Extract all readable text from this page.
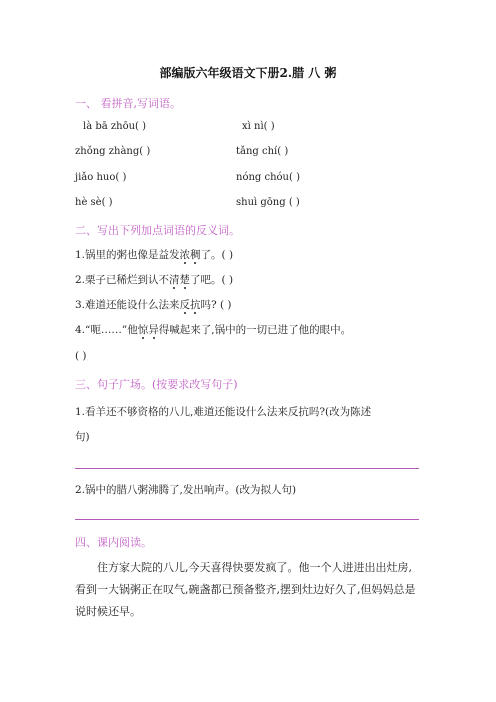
部编版六年级语文下册2.腊 八 粥
一、 看拼音,写词语。
là bā zhōu( )	xì nì( )
zhǒng zhàng( )	tǎng chí( )
jiǎo huo( )	nóng chóu( )
hè sè( )	shuì gōng ( )
二、写出下列加点词语的反义词。
1.锅里的粥也像是益发浓稠了。( )
2.栗子已稀烂到认不清楚了吧。( )
3.难道还能设什么法来反抗吗? ( )
4.“呃……”他惊异得喊起来了,锅中的一切已进了他的眼中。
( )
三、句子广场。(按要求改写句子)
1.看羊还不够资格的八儿,难道还能设什么法来反抗吗?(改为陈述
句)
2.锅中的腊八粥沸腾了,发出响声。(改为拟人句)
四、课内阅读。
住方家大院的八儿,今天喜得快要发疯了。他一个人进进出出灶房,看到一大锅粥正在叹气,碗盏都已预备整齐,摆到灶边好久了,但妈妈总是说时候还早。
